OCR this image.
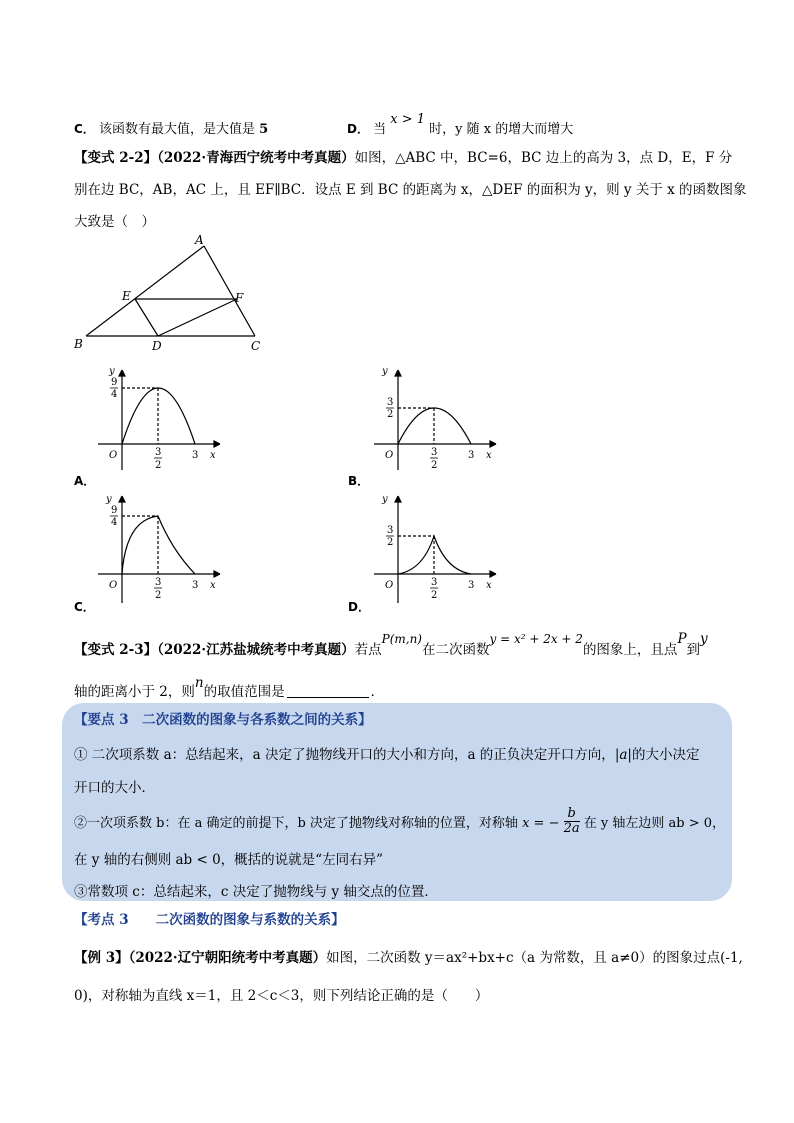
C． 该函数有最大值，是大值是 5	D． 当 x > 1 时，y 随 x 的增大而增大
【变式 2-2】（2022·青海西宁统考中考真题）如图，△ABC 中，BC=6，BC 边上的高为 3，点 D，E，F 分
别在边 BC，AB，AC 上，且 EF∥BC．设点 E 到 BC 的距离为 x，△DEF 的面积为 y，则 y 关于 x 的函数图象
大致是（　）
A
B	C
D
E	F
y
x
O
9
4
3
2
3
A．
y
x
O
3
2
3
2
3
B．
y
x
O
9
4
3
2
3
C．
y
x
O
3
2
3
2
3
D．
【变式 2-3】（2022·江苏盐城统考中考真题）若点P(m,n)在二次函数y = x² + 2x + 2的图象上，且点P到y
轴的距离小于 2，则n的取值范围是	．
【要点 3　二次函数的图象与各系数之间的关系】
① 二次项系数 a：总结起来，a 决定了抛物线开口的大小和方向，a 的正负决定开口方向，|a|的大小决定
开口的大小．
②一次项系数 b：在 a 确定的前提下，b 决定了抛物线对称轴的位置，对称轴 x = − $\frac{b}{2a}$ 在 y 轴左边则 ab > 0，
在 y 轴的右侧则 ab < 0，概括的说就是“左同右异”
③常数项 c：总结起来，c 决定了抛物线与 y 轴交点的位置．
【考点 3　　二次函数的图象与系数的关系】
【例 3】（2022·辽宁朝阳统考中考真题）如图，二次函数 y＝ax²+bx+c（a 为常数，且 a≠0）的图象过点(-1,
0)，对称轴为直线 x＝1，且 2＜c＜3，则下列结论正确的是（　　）
